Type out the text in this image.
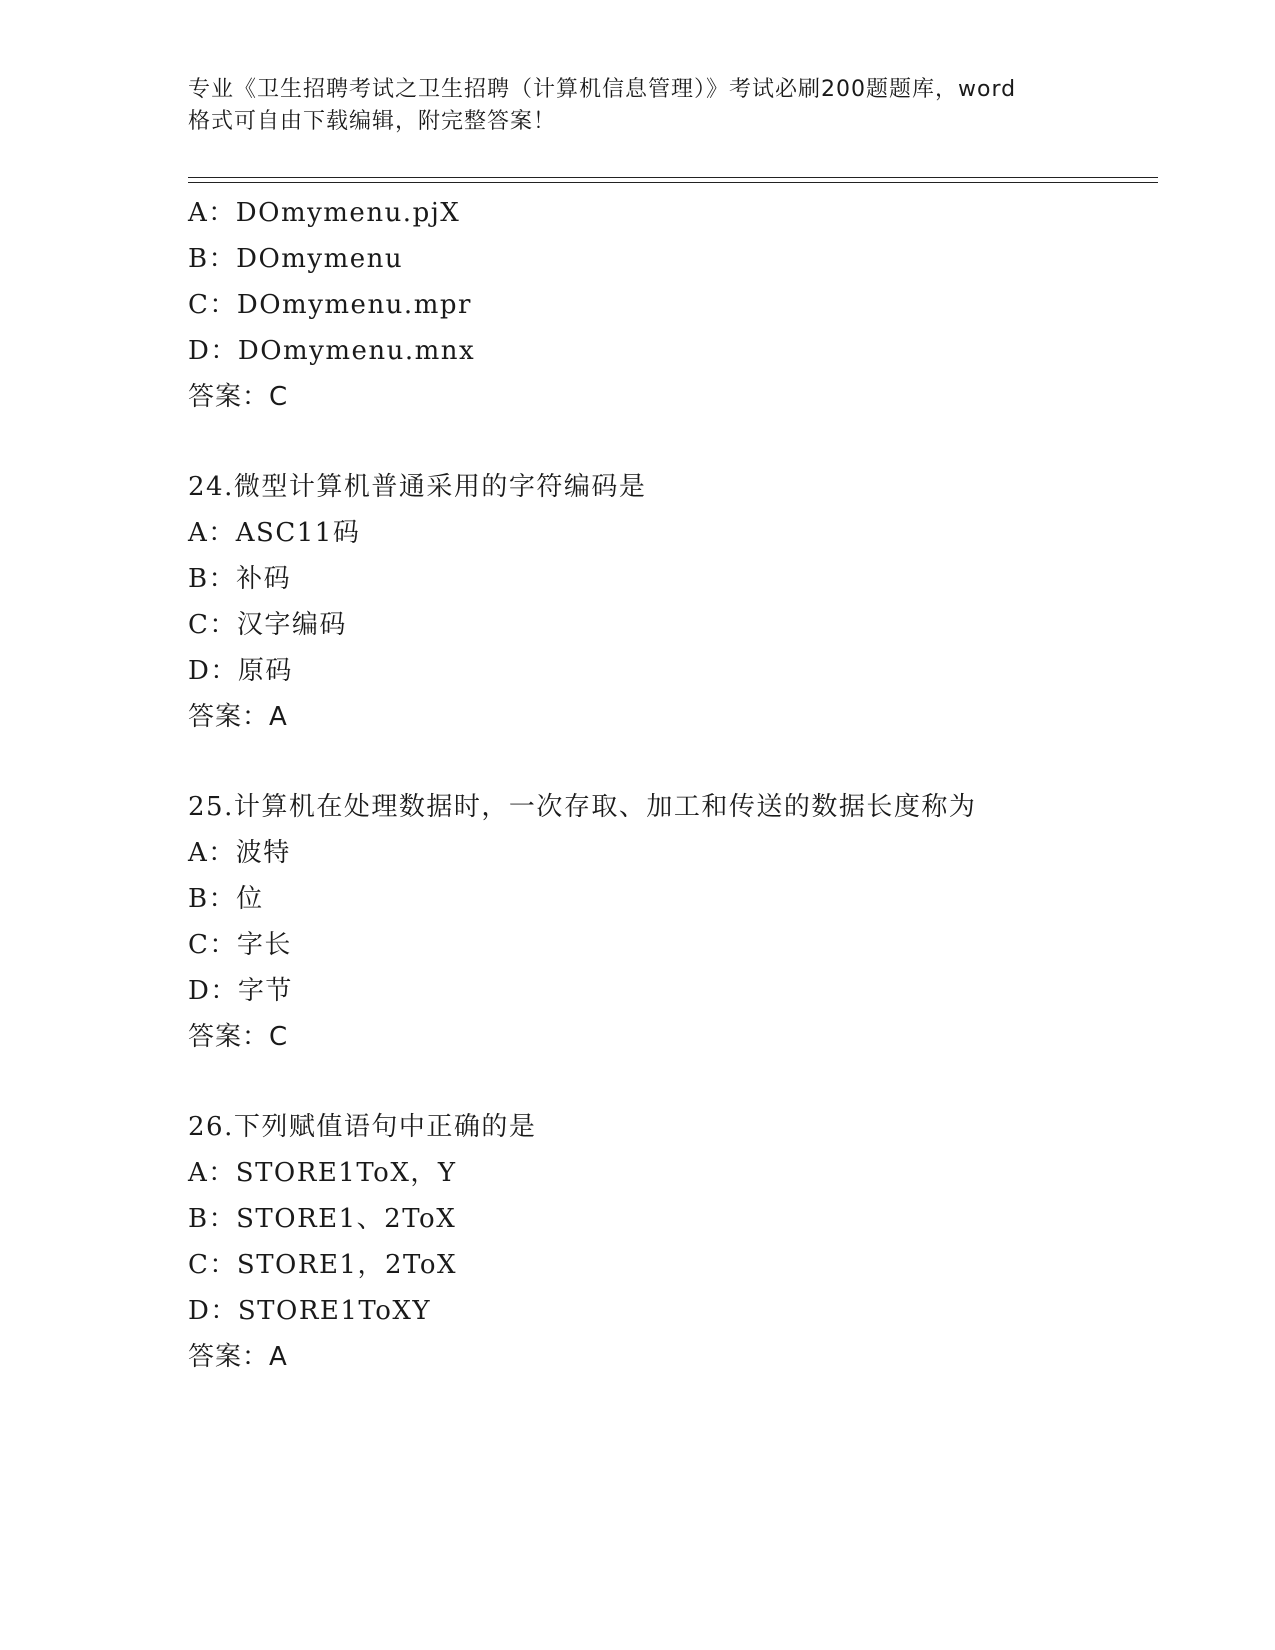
专业《卫生招聘考试之卫生招聘（计算机信息管理）》考试必刷200题题库，word
格式可自由下载编辑，附完整答案！
A：DOmymenu.pjX
B：DOmymenu
C：DOmymenu.mpr
D：DOmymenu.mnx
答案：C
24.微型计算机普通采用的字符编码是
A：ASC11码
B：补码
C：汉字编码
D：原码
答案：A
25.计算机在处理数据时，一次存取、加工和传送的数据长度称为
A：波特
B：位
C：字长
D：字节
答案：C
26.下列赋值语句中正确的是
A：STORE1ToX，Y
B：STORE1、2ToX
C：STORE1，2ToX
D：STORE1ToXY
答案：A
